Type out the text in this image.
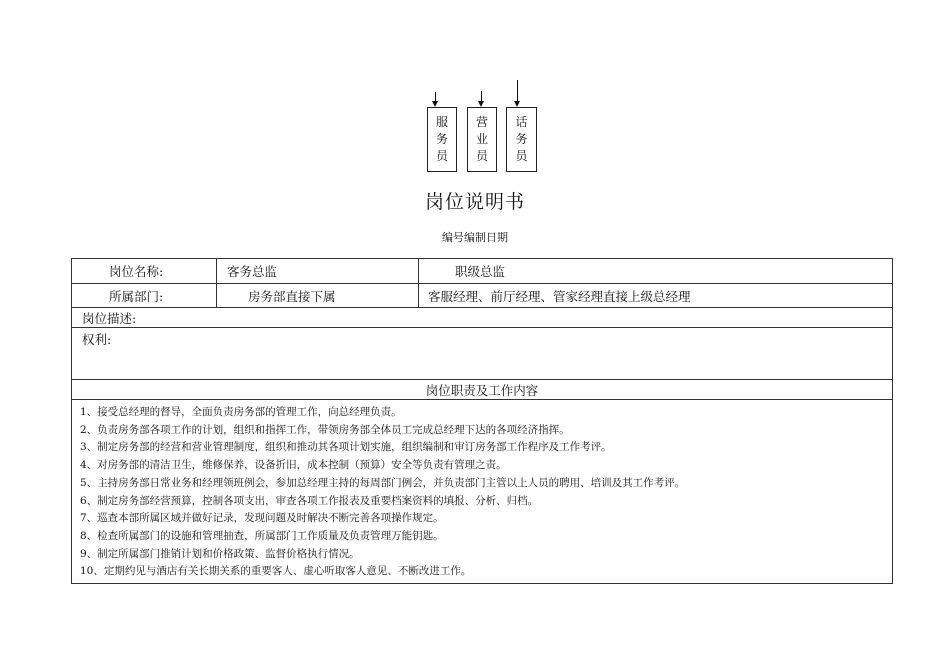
服
务
员
营
业
员
话
务
员
岗位说明书
编号编制日期
岗位名称:	客务总监	职级总监
所属部门:	房务部直接下属	客服经理、前厅经理、管家经理直接上级总经理
岗位描述:
权利:
岗位职责及工作内容
1、接受总经理的督导，全面负责房务部的管理工作，向总经理负责。
2、负责房务部各项工作的计划，组织和指挥工作，带领房务部全体员工完成总经理下达的各项经济指挥。
3、制定房务部的经营和营业管理制度，组织和推动其各项计划实施，组织编制和审订房务部工作程序及工作考评。
4、对房务部的清洁卫生，维修保养，设备折旧，成本控制（预算）安全等负责有管理之责。
5、主持房务部日常业务和经理领班例会，参加总经理主持的每周部门例会，并负责部门主管以上人员的聘用、培训及其工作考评。
6、制定房务部经营预算，控制各项支出，审查各项工作报表及重要档案资料的填报、分析、归档。
7、巡查本部所属区域并做好记录，发现问题及时解决不断完善各项操作规定。
8、检查所属部门的设施和管理抽查，所属部门工作质量及负责管理万能钥匙。
9、制定所属部门推销计划和价格政策、监督价格执行情况。
10、定期约见与酒店有关长期关系的重要客人、虚心听取客人意见、不断改进工作。
